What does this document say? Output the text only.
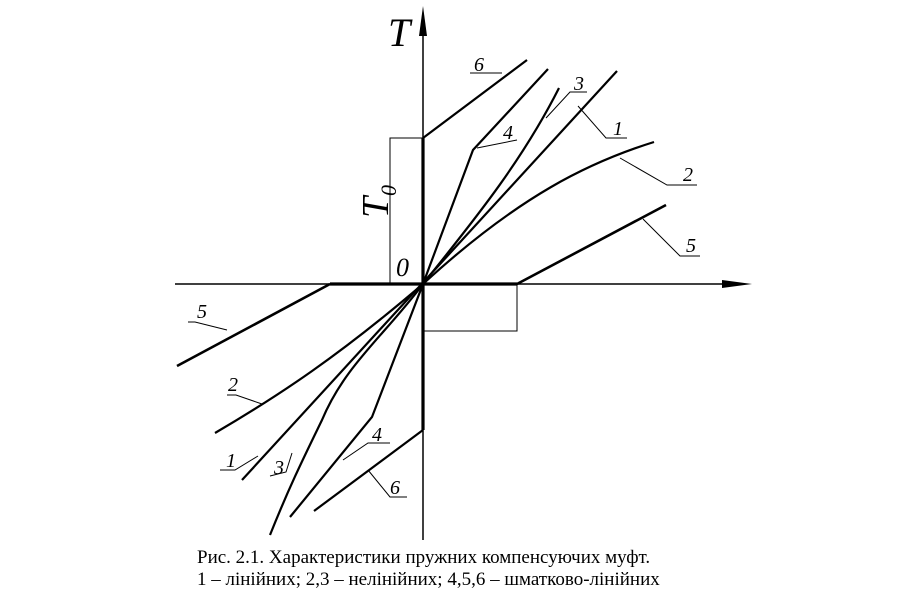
T
0
T
0
6
4
3
1
2
5
5
2
1 3
4
6
Рис. 2.1. Характеристики пружних компенсуючих муфт.
1 – лінійних; 2,3 – нелінійних; 4,5,6 – шматково-лінійних
